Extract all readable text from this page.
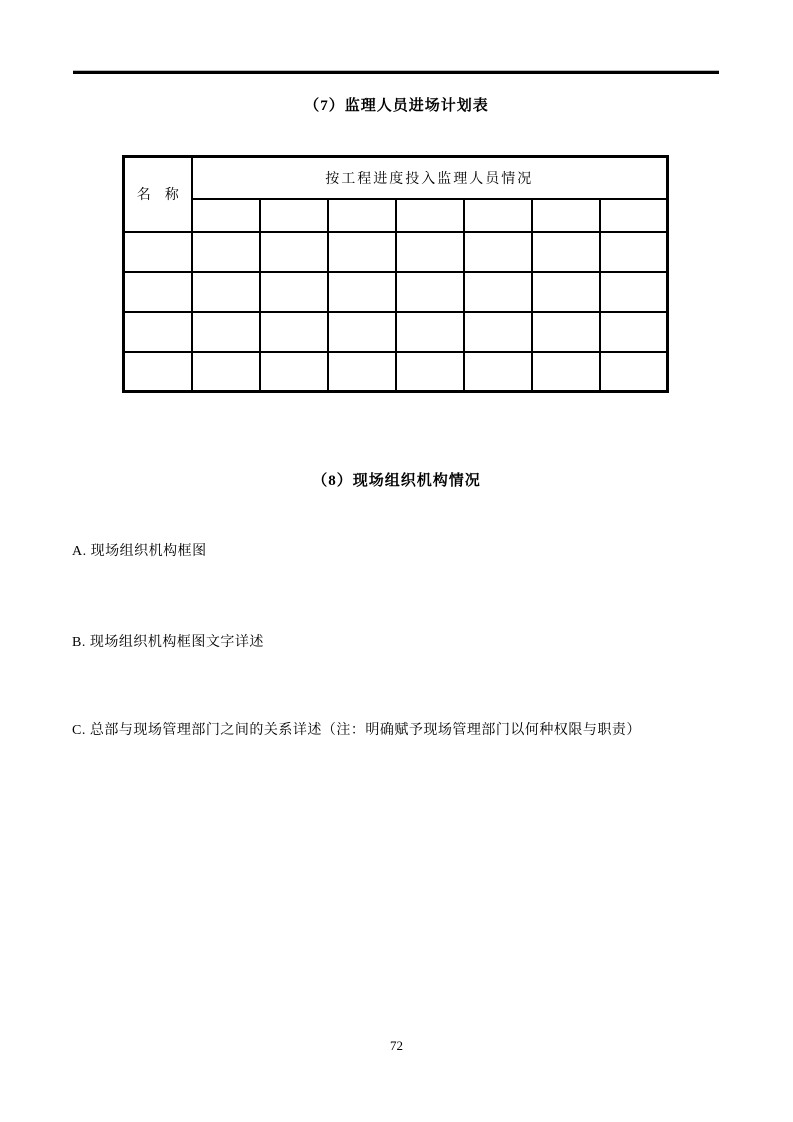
（7）监理人员进场计划表
名　称	按工程进度投入监理人员情况						

（8）现场组织机构情况
A. 现场组织机构框图
B. 现场组织机构框图文字详述
C. 总部与现场管理部门之间的关系详述（注：明确赋予现场管理部门以何种权限与职责）
72
